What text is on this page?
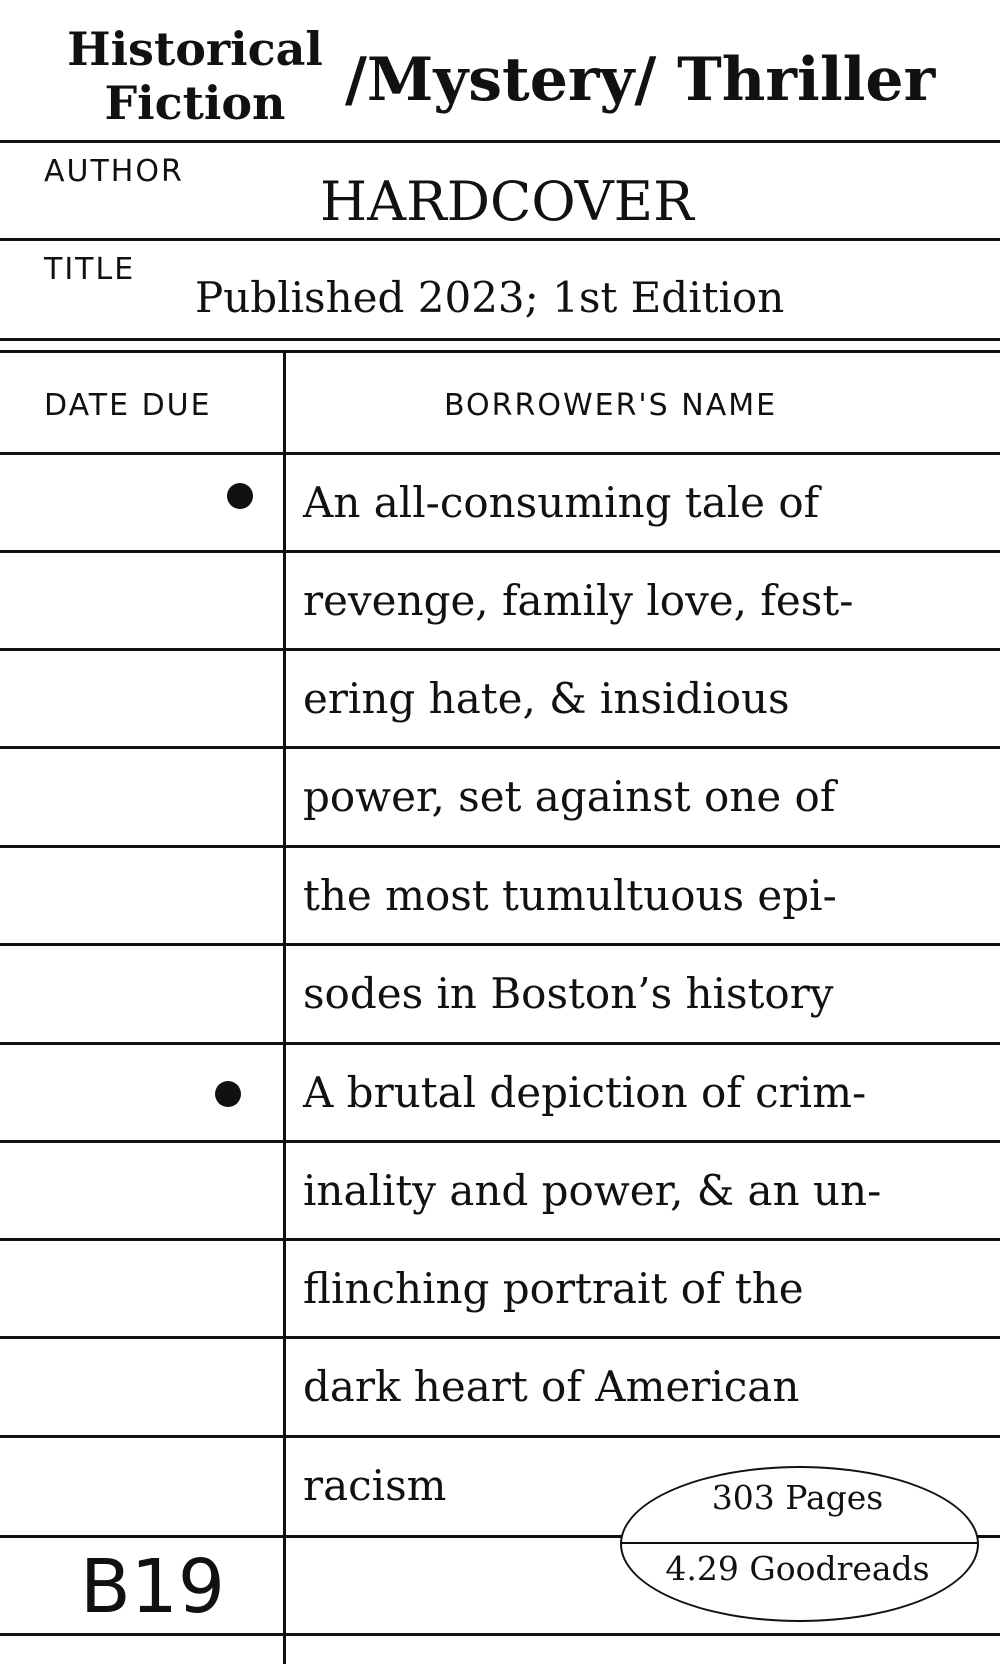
Historical
Fiction /Mystery/ Thriller
AUTHOR	HARDCOVER
TITLE
Published 2023; 1st Edition
DATE DUE	BORROWER'S NAME
An all-consuming tale of
revenge, family love, fest-
ering hate, & insidious
power, set against one of
the most tumultuous epi-
sodes in Boston’s history
A brutal depiction of crim-
inality and power, & an un-
flinching portrait of the
dark heart of American
racism
B19
303 Pages
4.29 Goodreads
